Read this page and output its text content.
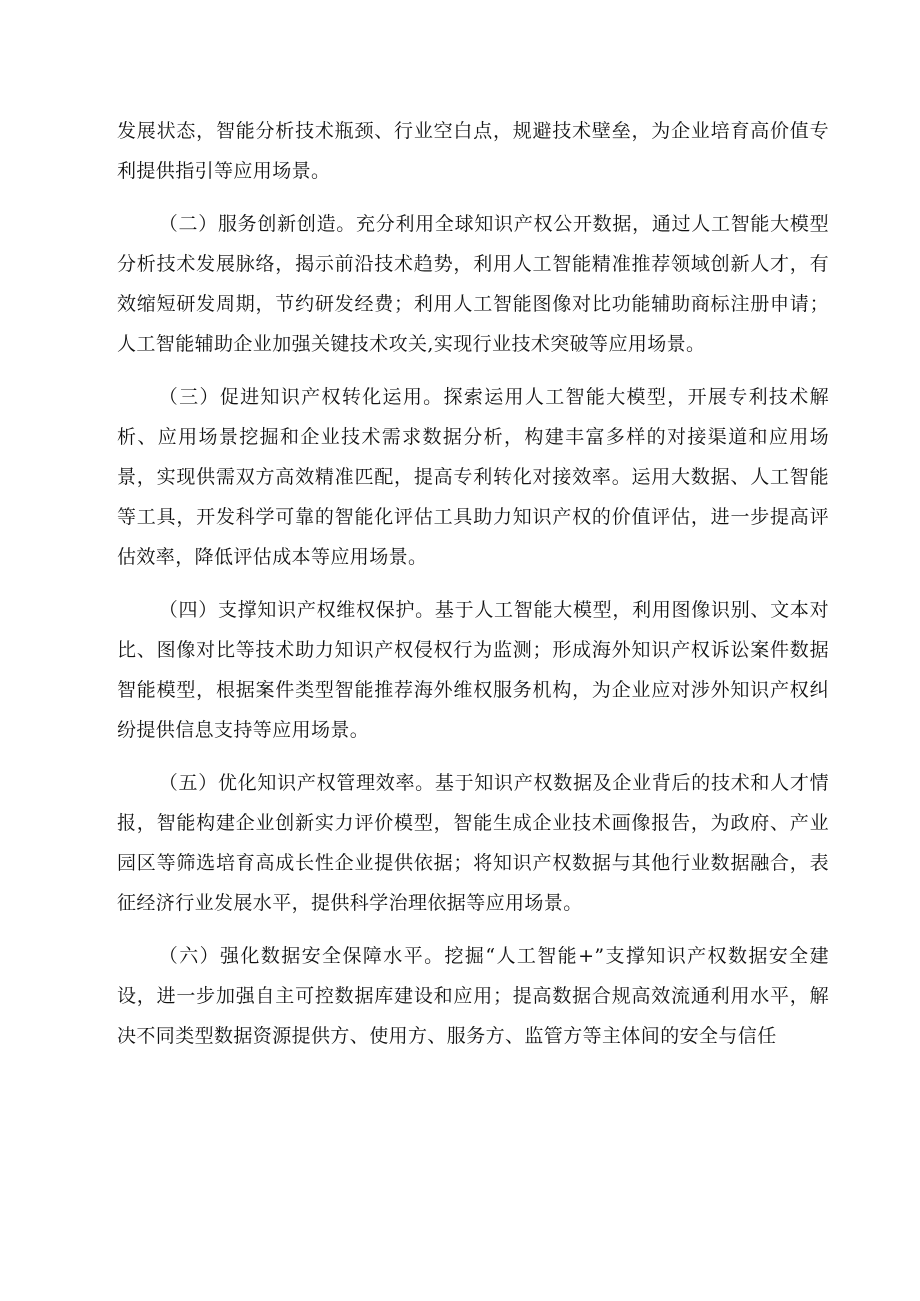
发展状态，智能分析技术瓶颈、行业空白点，规避技术壁垒，为企业培育高价值专利提供指引等应用场景。

（二）服务创新创造。充分利用全球知识产权公开数据，通过人工智能大模型分析技术发展脉络，揭示前沿技术趋势，利用人工智能精准推荐领域创新人才，有效缩短研发周期，节约研发经费；利用人工智能图像对比功能辅助商标注册申请；人工智能辅助企业加强关键技术攻关,实现行业技术突破等应用场景。

（三）促进知识产权转化运用。探索运用人工智能大模型，开展专利技术解析、应用场景挖掘和企业技术需求数据分析，构建丰富多样的对接渠道和应用场景，实现供需双方高效精准匹配，提高专利转化对接效率。运用大数据、人工智能等工具，开发科学可靠的智能化评估工具助力知识产权的价值评估，进一步提高评估效率，降低评估成本等应用场景。

（四）支撑知识产权维权保护。基于人工智能大模型，利用图像识别、文本对比、图像对比等技术助力知识产权侵权行为监测；形成海外知识产权诉讼案件数据智能模型，根据案件类型智能推荐海外维权服务机构，为企业应对涉外知识产权纠纷提供信息支持等应用场景。

（五）优化知识产权管理效率。基于知识产权数据及企业背后的技术和人才情报，智能构建企业创新实力评价模型，智能生成企业技术画像报告，为政府、产业园区等筛选培育高成长性企业提供依据；将知识产权数据与其他行业数据融合，表征经济行业发展水平，提供科学治理依据等应用场景。

（六）强化数据安全保障水平。挖掘“人工智能+”支撑知识产权数据安全建设，进一步加强自主可控数据库建设和应用；提高数据合规高效流通利用水平，解决不同类型数据资源提供方、使用方、服务方、监管方等主体间的安全与信任
